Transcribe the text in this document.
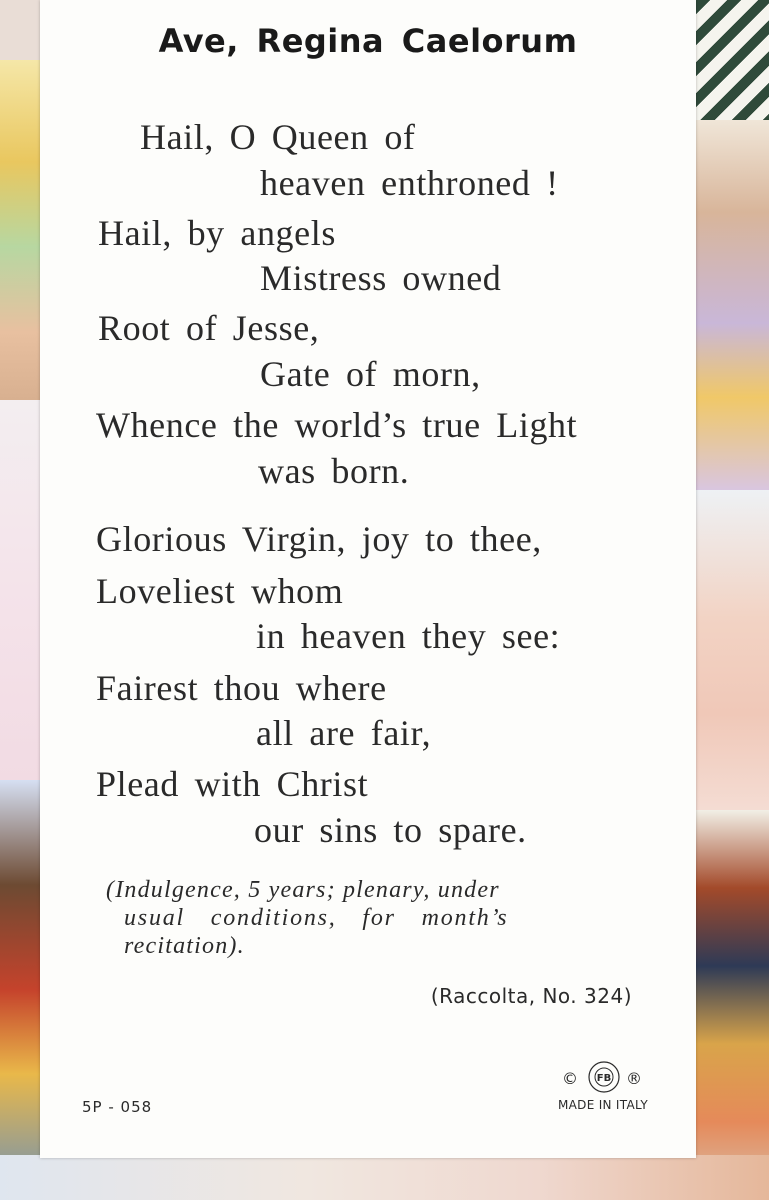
Ave, Regina Caelorum
Hail, O Queen of
heaven enthroned !
Hail, by angels
Mistress owned
Root of Jesse,
Gate of morn,
Whence the world’s true Light
was born.
Glorious Virgin, joy to thee,
Loveliest whom
in heaven they see:
Fairest thou where
all are fair,
Plead with Christ
our sins to spare.
(Indulgence, 5 years; plenary, under
usual conditions, for month’s
recitation).
(Raccolta, No. 324)
5P - 058
© FB ®
MADE IN ITALY
